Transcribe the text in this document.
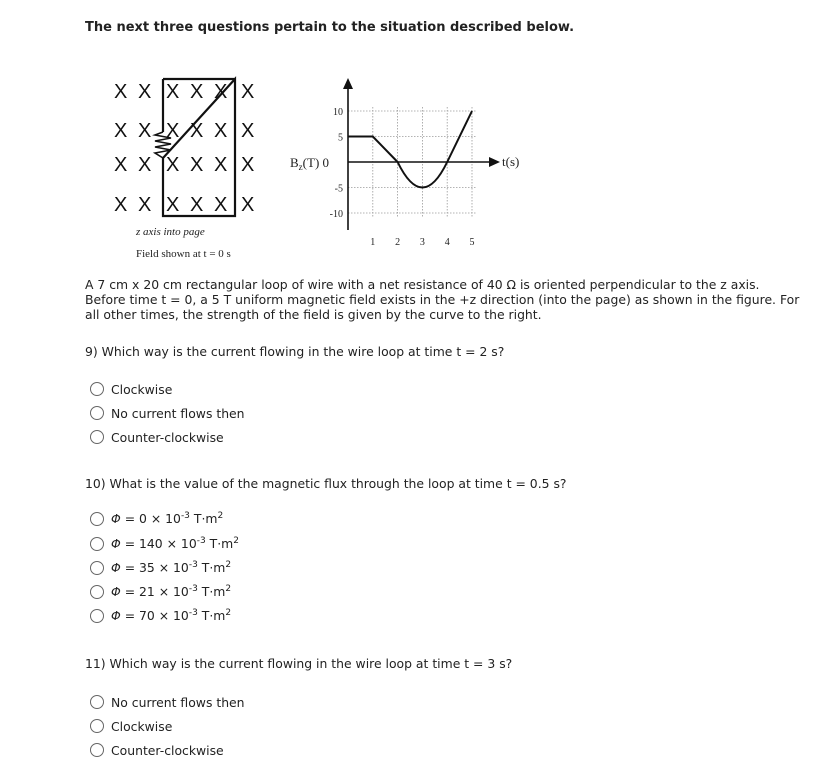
The next three questions pertain to the situation described below.
X X X X X X
X X X X X X
X X X X X X
X X X X X X
z axis into page
Field shown at t = 0 s
10
5
-5
-10
1 2 3 4 5
$B_z(T)$ 0	t(s)
A 7 cm x 20 cm rectangular loop of wire with a net resistance of 40 Ω is oriented perpendicular to the z axis. Before time t = 0, a 5 T uniform magnetic field exists in the +z direction (into the page) as shown in the figure. For all other times, the strength of the field is given by the curve to the right.
9) Which way is the current flowing in the wire loop at time t = 2 s?
Clockwise
No current flows then
Counter-clockwise
10) What is the value of the magnetic flux through the loop at time t = 0.5 s?
$\Phi = 0 \times 10^{-3}$ $T\cdot m^2$
$\Phi = 140 \times 10^{-3}$ $T\cdot m^2$
$\Phi = 35 \times 10^{-3}$ $T\cdot m^2$
$\Phi = 21 \times 10^{-3}$ $T\cdot m^2$
$\Phi = 70 \times 10^{-3}$ $T\cdot m^2$
11) Which way is the current flowing in the wire loop at time t = 3 s?
No current flows then
Clockwise
Counter-clockwise
